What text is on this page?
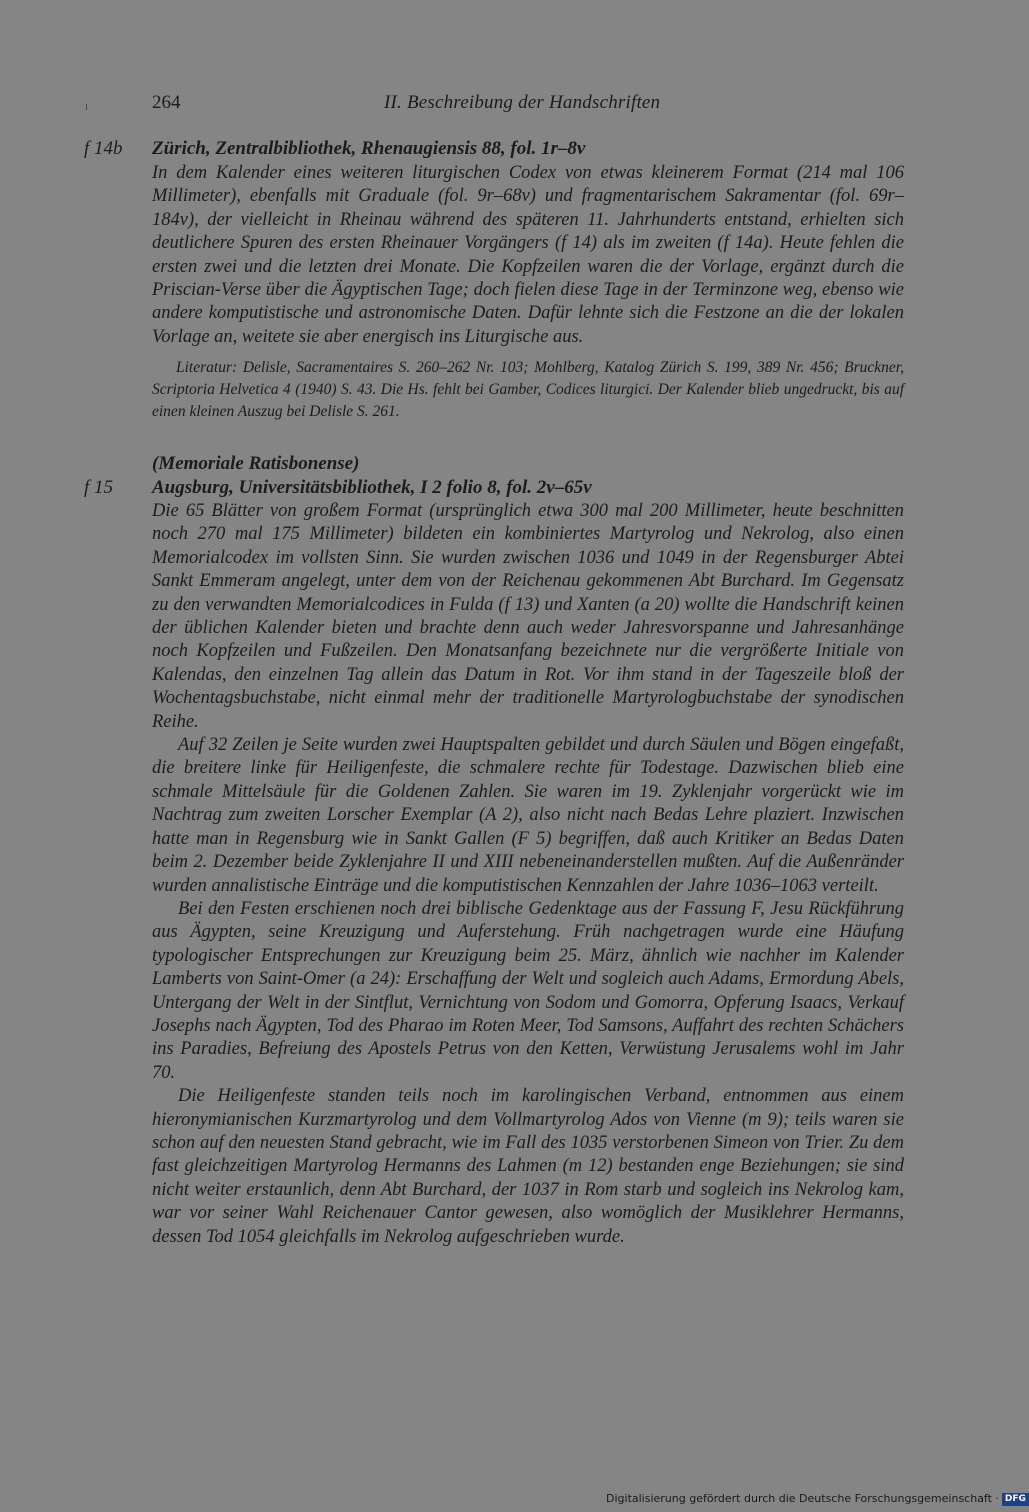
264	II. Beschreibung der Handschriften
f 14b Zürich, Zentralbibliothek, Rhenaugiensis 88, fol. 1r–8v

In dem Kalender eines weiteren liturgischen Codex von etwas kleinerem Format (214 mal 106 Millimeter), ebenfalls mit Graduale (fol. 9r–68v) und fragmentarischem Sakramentar (fol. 69r–184v), der vielleicht in Rheinau während des späteren 11. Jahrhunderts entstand, erhielten sich deutlichere Spuren des ersten Rheinauer Vorgängers (f 14) als im zweiten (f 14a). Heute fehlen die ersten zwei und die letzten drei Monate. Die Kopfzeilen waren die der Vorlage, ergänzt durch die Priscian-Verse über die Ägyptischen Tage; doch fielen diese Tage in der Terminzone weg, ebenso wie andere komputistische und astronomische Daten. Dafür lehnte sich die Festzone an die der lokalen Vorlage an, weitete sie aber energisch ins Liturgische aus.

Literatur: Delisle, Sacramentaires S. 260–262 Nr. 103; Mohlberg, Katalog Zürich S. 199, 389 Nr. 456; Bruckner, Scriptoria Helvetica 4 (1940) S. 43. Die Hs. fehlt bei Gamber, Codices liturgici. Der Kalender blieb ungedruckt, bis auf einen kleinen Auszug bei Delisle S. 261.
(Memoriale Ratisbonense)
f 15 Augsburg, Universitätsbibliothek, I 2 folio 8, fol. 2v–65v

Die 65 Blätter von großem Format (ursprünglich etwa 300 mal 200 Millimeter, heute beschnitten noch 270 mal 175 Millimeter) bildeten ein kombiniertes Martyrolog und Nekrolog, also einen Memorialcodex im vollsten Sinn. Sie wurden zwischen 1036 und 1049 in der Regensburger Abtei Sankt Emmeram angelegt, unter dem von der Reichenau gekommenen Abt Burchard. Im Gegensatz zu den verwandten Memorialcodices in Fulda (f 13) und Xanten (a 20) wollte die Handschrift keinen der üblichen Kalender bieten und brachte denn auch weder Jahresvorspanne und Jahresanhänge noch Kopfzeilen und Fußzeilen. Den Monatsanfang bezeichnete nur die vergrößerte Initiale von Kalendas, den einzelnen Tag allein das Datum in Rot. Vor ihm stand in der Tageszeile bloß der Wochentagsbuchstabe, nicht einmal mehr der traditionelle Martyrologbuchstabe der synodischen Reihe.

Auf 32 Zeilen je Seite wurden zwei Hauptspalten gebildet und durch Säulen und Bögen eingefaßt, die breitere linke für Heiligenfeste, die schmalere rechte für Todestage. Dazwischen blieb eine schmale Mittelsäule für die Goldenen Zahlen. Sie waren im 19. Zyklenjahr vorgerückt wie im Nachtrag zum zweiten Lorscher Exemplar (A 2), also nicht nach Bedas Lehre plaziert. Inzwischen hatte man in Regensburg wie in Sankt Gallen (F 5) begriffen, daß auch Kritiker an Bedas Daten beim 2. Dezember beide Zyklenjahre II und XIII nebeneinanderstellen mußten. Auf die Außenränder wurden annalistische Einträge und die komputistischen Kennzahlen der Jahre 1036–1063 verteilt.

Bei den Festen erschienen noch drei biblische Gedenktage aus der Fassung F, Jesu Rückführung aus Ägypten, seine Kreuzigung und Auferstehung. Früh nachgetragen wurde eine Häufung typologischer Entsprechungen zur Kreuzigung beim 25. März, ähnlich wie nachher im Kalender Lamberts von Saint-Omer (a 24): Erschaffung der Welt und sogleich auch Adams, Ermordung Abels, Untergang der Welt in der Sintflut, Vernichtung von Sodom und Gomorra, Opferung Isaacs, Verkauf Josephs nach Ägypten, Tod des Pharao im Roten Meer, Tod Samsons, Auffahrt des rechten Schächers ins Paradies, Befreiung des Apostels Petrus von den Ketten, Verwüstung Jerusalems wohl im Jahr 70.

Die Heiligenfeste standen teils noch im karolingischen Verband, entnommen aus einem hieronymianischen Kurzmartyrolog und dem Vollmartyrolog Ados von Vienne (m 9); teils waren sie schon auf den neuesten Stand gebracht, wie im Fall des 1035 verstorbenen Simeon von Trier. Zu dem fast gleichzeitigen Martyrolog Hermanns des Lahmen (m 12) bestanden enge Beziehungen; sie sind nicht weiter erstaunlich, denn Abt Burchard, der 1037 in Rom starb und sogleich ins Nekrolog kam, war vor seiner Wahl Reichenauer Cantor gewesen, also womöglich der Musiklehrer Hermanns, dessen Tod 1054 gleichfalls im Nekrolog aufgeschrieben wurde.

Digitalisierung gefördert durch die Deutsche Forschungsgemeinschaft · DFG
